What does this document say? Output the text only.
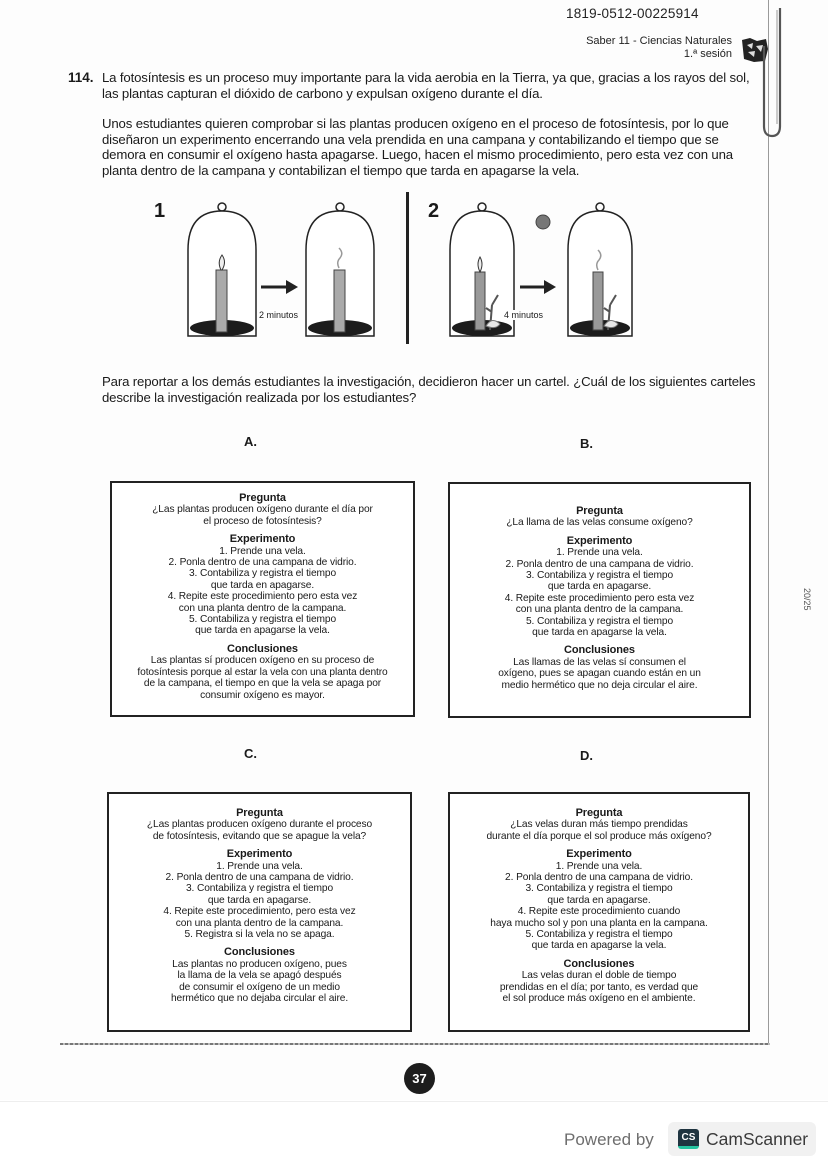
1819-0512-00225914
Saber 11 - Ciencias Naturales
1.ª sesión
20/25
114. La fotosíntesis es un proceso muy importante para la vida aerobia en la Tierra, ya que, gracias a los rayos del sol, las plantas capturan el dióxido de carbono y expulsan oxígeno durante el día.
Unos estudiantes quieren comprobar si las plantas producen oxígeno en el proceso de fotosíntesis, por lo que diseñaron un experimento encerrando una vela prendida en una campana y contabilizando el tiempo que se demora en consumir el oxígeno hasta apagarse. Luego, hacen el mismo procedimiento, pero esta vez con una planta dentro de la campana y contabilizan el tiempo que tarda en apagarse la vela.
1
2 minutos
2
4 minutos
Para reportar a los demás estudiantes la investigación, decidieron hacer un cartel. ¿Cuál de los siguientes carteles describe la investigación realizada por los estudiantes?
A.	B.
C.	D.
Pregunta
¿Las plantas producen oxígeno durante el día por
el proceso de fotosíntesis?
Experimento
1. Prende una vela.
2. Ponla dentro de una campana de vidrio.
3. Contabiliza y registra el tiempo
que tarda en apagarse.
4. Repite este procedimiento pero esta vez
con una planta dentro de la campana.
5. Contabiliza y registra el tiempo
que tarda en apagarse la vela.
Conclusiones
Las plantas sí producen oxígeno en su proceso de
fotosíntesis porque al estar la vela con una planta dentro
de la campana, el tiempo en que la vela se apaga por
consumir oxígeno es mayor.
Pregunta
¿La llama de las velas consume oxígeno?
Experimento
1. Prende una vela.
2. Ponla dentro de una campana de vidrio.
3. Contabiliza y registra el tiempo
que tarda en apagarse.
4. Repite este procedimiento pero esta vez
con una planta dentro de la campana.
5. Contabiliza y registra el tiempo
que tarda en apagarse la vela.
Conclusiones
Las llamas de las velas sí consumen el
oxígeno, pues se apagan cuando están en un
medio hermético que no deja circular el aire.
Pregunta
¿Las plantas producen oxígeno durante el proceso
de fotosíntesis, evitando que se apague la vela?
Experimento
1. Prende una vela.
2. Ponla dentro de una campana de vidrio.
3. Contabiliza y registra el tiempo
que tarda en apagarse.
4. Repite este procedimiento, pero esta vez
con una planta dentro de la campana.
5. Registra si la vela no se apaga.
Conclusiones
Las plantas no producen oxígeno, pues
la llama de la vela se apagó después
de consumir el oxígeno de un medio
hermético que no dejaba circular el aire.
Pregunta
¿Las velas duran más tiempo prendidas
durante el día porque el sol produce más oxígeno?
Experimento
1. Prende una vela.
2. Ponla dentro de una campana de vidrio.
3. Contabiliza y registra el tiempo
que tarda en apagarse.
4. Repite este procedimiento cuando
haya mucho sol y pon una planta en la campana.
5. Contabiliza y registra el tiempo
que tarda en apagarse la vela.
Conclusiones
Las velas duran el doble de tiempo
prendidas en el día; por tanto, es verdad que
el sol produce más oxígeno en el ambiente.
37
Powered by	CS CamScanner
